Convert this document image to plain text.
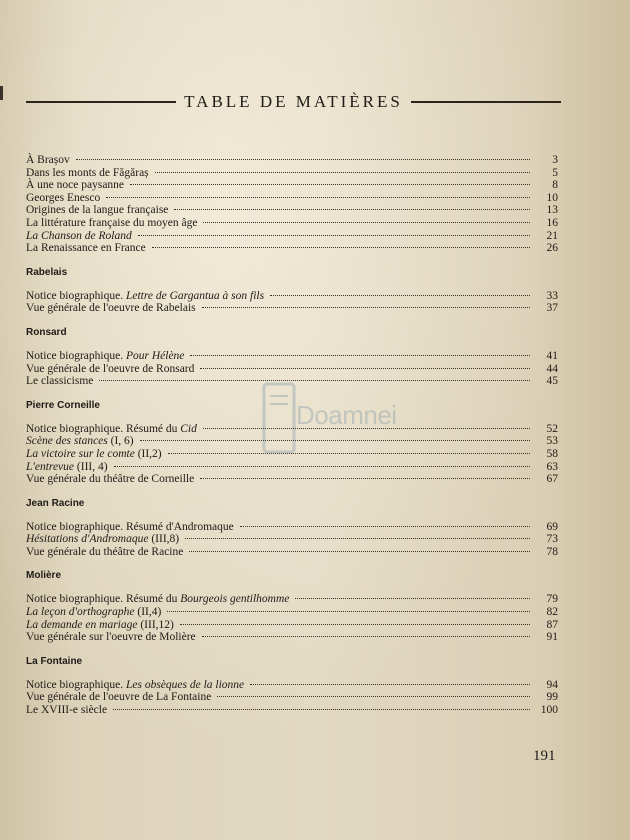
TABLE DE MATIÈRES
À Brașov	3
Dans les monts de Făgăraș	5
À une noce paysanne	8
Georges Enesco	10
Origines de la langue française	13
La littérature française du moyen âge	16
La Chanson de Roland	21
La Renaissance en France	26
Rabelais
Notice biographique. Lettre de Gargantua à son fils	33
Vue générale de l'oeuvre de Rabelais	37
Ronsard
Notice biographique. Pour Hélène	41
Vue générale de l'oeuvre de Ronsard	44
Le classicisme	45
Pierre Corneille
Notice biographique. Résumé du Cid	52
Scène des stances (I, 6)	53
La victoire sur le comte (II,2)	58
L'entrevue (III, 4)	63
Vue générale du théâtre de Corneille	67
Jean Racine
Notice biographique. Résumé d'Andromaque	69
Hésitations d'Andromaque (III,8)	73
Vue générale du théâtre de Racine	78
Molière
Notice biographique. Résumé du Bourgeois gentilhomme	79
La leçon d'orthographe (II,4)	82
La demande en mariage (III,12)	87
Vue générale sur l'oeuvre de Molière	91
La Fontaine
Notice biographique. Les obsèques de la lionne	94
Vue générale de l'oeuvre de La Fontaine	99
Le XVIII-e siècle	100
191
Doamnei
